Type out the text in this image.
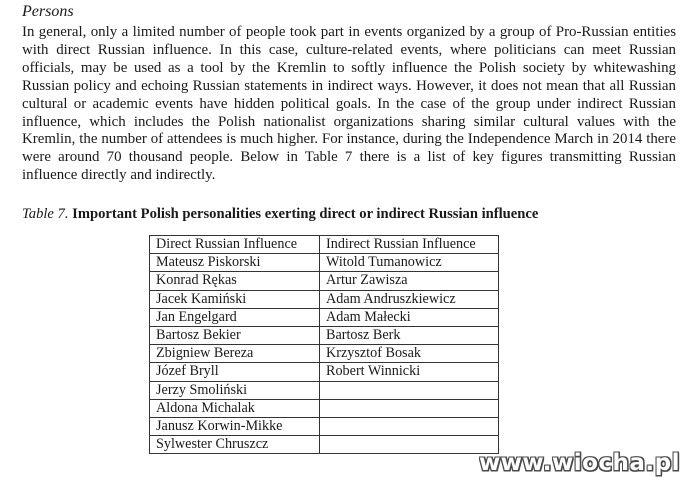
Persons

In general, only a limited number of people took part in events organized by a group of Pro-Russian entities with direct Russian influence. In this case, culture-related events, where politicians can meet Russian officials, may be used as a tool by the Kremlin to softly influence the Polish society by whitewashing Russian policy and echoing Russian statements in indirect ways. However, it does not mean that all Russian cultural or academic events have hidden political goals. In the case of the group under indirect Russian influence, which includes the Polish nationalist organizations sharing similar cultural values with the Kremlin, the number of attendees is much higher. For instance, during the Independence March in 2014 there were around 70 thousand people. Below in Table 7 there is a list of key figures transmitting Russian influence directly and indirectly.

Table 7. Important Polish personalities exerting direct or indirect Russian influence
Direct Russian Influence	Indirect Russian Influence
Mateusz Piskorski	Witold Tumanowicz
Konrad Rękas	Artur Zawisza
Jacek Kamiński	Adam Andruszkiewicz
Jan Engelgard	Adam Małecki
Bartosz Bekier	Bartosz Berk
Zbigniew Bereza	Krzysztof Bosak
Józef Bryll	Robert Winnicki
Jerzy Smoliński	
Aldona Michalak	
Janusz Korwin-Mikke	
Sylwester Chruszcz	
www.wiocha.pl
